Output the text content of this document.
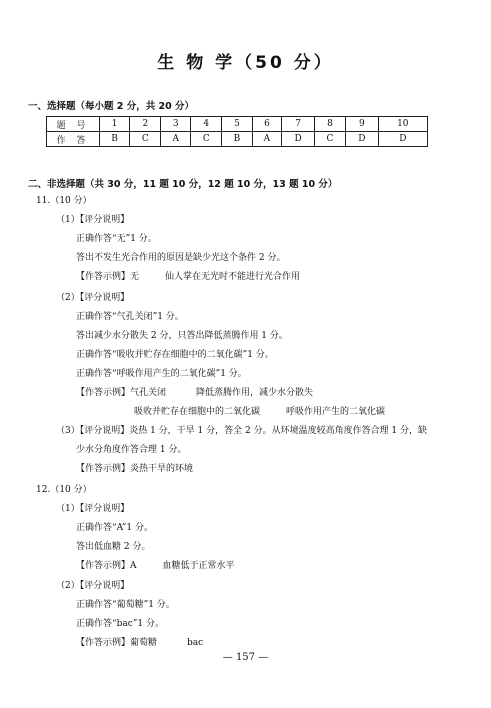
生 物 学（50 分）
一、选择题（每小题 2 分，共 20 分）
题 号	1	2	3	4	5	6	7	8	9	10
作 答	B	C	A	C	B	A	D	C	D	D
二、非选择题（共 30 分，11 题 10 分，12 题 10 分，13 题 10 分）
11.（10 分）
（1）【评分说明】
正确作答“无”1 分。
答出不发生光合作用的原因是缺少光这个条件 2 分。
【作答示例】无	仙人掌在无光时不能进行光合作用
（2）【评分说明】
正确作答“气孔关闭”1 分。
答出减少水分散失 2 分，只答出降低蒸腾作用 1 分。
正确作答“吸收并贮存在细胞中的二氧化碳”1 分。
正确作答“呼吸作用产生的二氧化碳”1 分。
【作答示例】气孔关闭	降低蒸腾作用，减少水分散失
吸收并贮存在细胞中的二氧化碳	呼吸作用产生的二氧化碳
（3）【评分说明】炎热 1 分，干旱 1 分，答全 2 分。从环境温度较高角度作答合理 1 分，缺
少水分角度作答合理 1 分。
【作答示例】炎热干旱的环境
12.（10 分）
（1）【评分说明】
正确作答“A”1 分。
答出低血糖 2 分。
【作答示例】A	血糖低于正常水平
（2）【评分说明】
正确作答“葡萄糖”1 分。
正确作答“bac”1 分。
【作答示例】葡萄糖	bac
— 157 —
